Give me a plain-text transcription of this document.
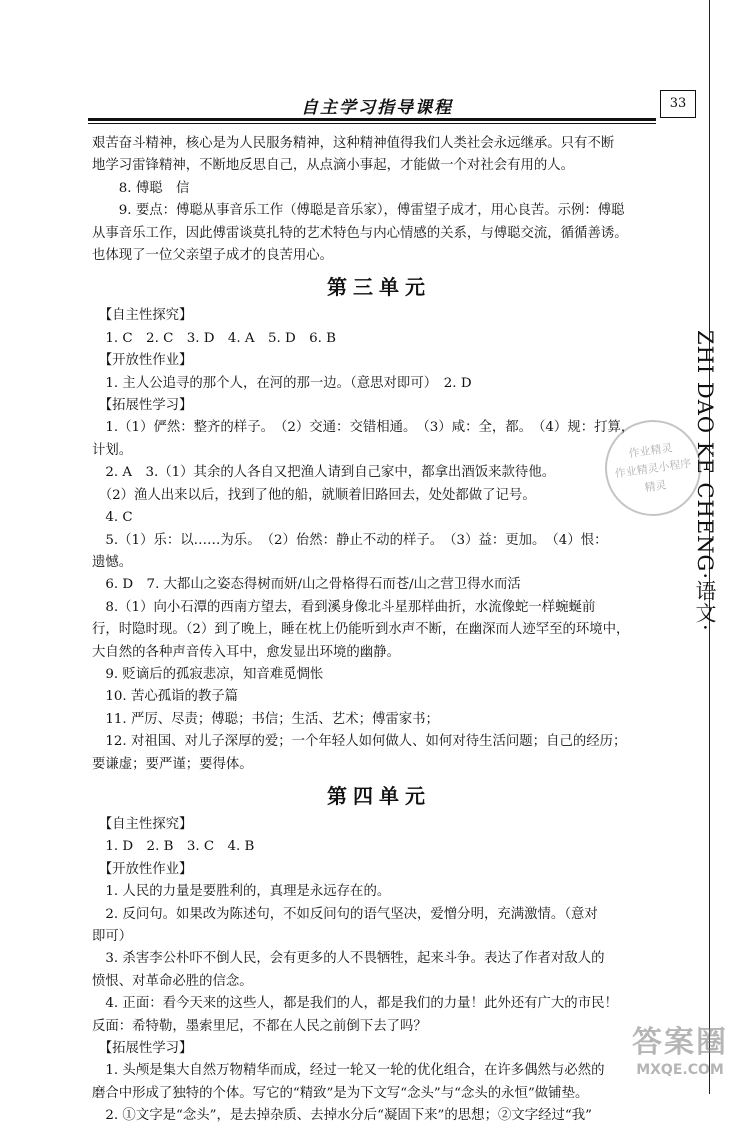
自主学习指导课程	33
ZHI DAO KE CHENG·语文·
艰苦奋斗精神，核心是为人民服务精神，这种精神值得我们人类社会永远继承。只有不断
地学习雷锋精神，不断地反思自己，从点滴小事起，才能做一个对社会有用的人。
　　8. 傅聪　信
　　9. 要点：傅聪从事音乐工作（傅聪是音乐家），傅雷望子成才，用心良苦。示例：傅聪
从事音乐工作，因此傅雷谈莫扎特的艺术特色与内心情感的关系，与傅聪交流，循循善诱。
也体现了一位父亲望子成才的良苦用心。
第三单元
　【自主性探究】
　1. C　2. C　3. D　4. A　5. D　6. B
　【开放性作业】
　1. 主人公追寻的那个人，在河的那一边。（意思对即可）　2. D
　【拓展性学习】
　1.（1）俨然：整齐的样子。　（2）交通：交错相通。　（3）咸：全，都。　（4）规：打算，
计划。
　2. A　3.（1）其余的人各自又把渔人请到自己家中，都拿出酒饭来款待他。
　（2）渔人出来以后，找到了他的船，就顺着旧路回去，处处都做了记号。
　4. C
　5.（1）乐：以……为乐。　（2）佁然：静止不动的样子。　（3）益：更加。　（4）恨：
遗憾。
　6. D　7. 大都山之姿态得树而妍/山之骨格得石而苍/山之营卫得水而活
　8.（1）向小石潭的西南方望去，看到溪身像北斗星那样曲折，水流像蛇一样蜿蜒前
行，时隐时现。（2）到了晚上，睡在枕上仍能听到水声不断，在幽深而人迹罕至的环境中，
大自然的各种声音传入耳中，愈发显出环境的幽静。
　9. 贬谪后的孤寂悲凉，知音难觅惆怅
　10. 苦心孤诣的教子篇
　11. 严厉、尽责；傅聪；书信；生活、艺术；傅雷家书；
　12. 对祖国、对儿子深厚的爱；一个年轻人如何做人、如何对待生活问题；自己的经历；
要谦虚；要严谨；要得体。
第四单元
　【自主性探究】
　1. D　2. B　3. C　4. B
　【开放性作业】
　1. 人民的力量是要胜利的，真理是永远存在的。
　2. 反问句。如果改为陈述句，不如反问句的语气坚决，爱憎分明，充满激情。（意对
即可）
　3. 杀害李公朴吓不倒人民，会有更多的人不畏牺牲，起来斗争。表达了作者对敌人的
愤恨、对革命必胜的信念。
　4. 正面：看今天来的这些人，都是我们的人，都是我们的力量！此外还有广大的市民！
反面：希特勒，墨索里尼，不都在人民之前倒下去了吗？
　【拓展性学习】
　1. 头颅是集大自然万物精华而成，经过一轮又一轮的优化组合，在许多偶然与必然的
磨合中形成了独特的个体。写它的“精致”是为下文写“念头”与“念头的永恒”做铺垫。
　2. ①文字是“念头”，是去掉杂质、去掉水分后“凝固下来”的思想；②文字经过“我”
作业精灵
作业精灵小程序
精灵
答案圈
MXQE.COM
